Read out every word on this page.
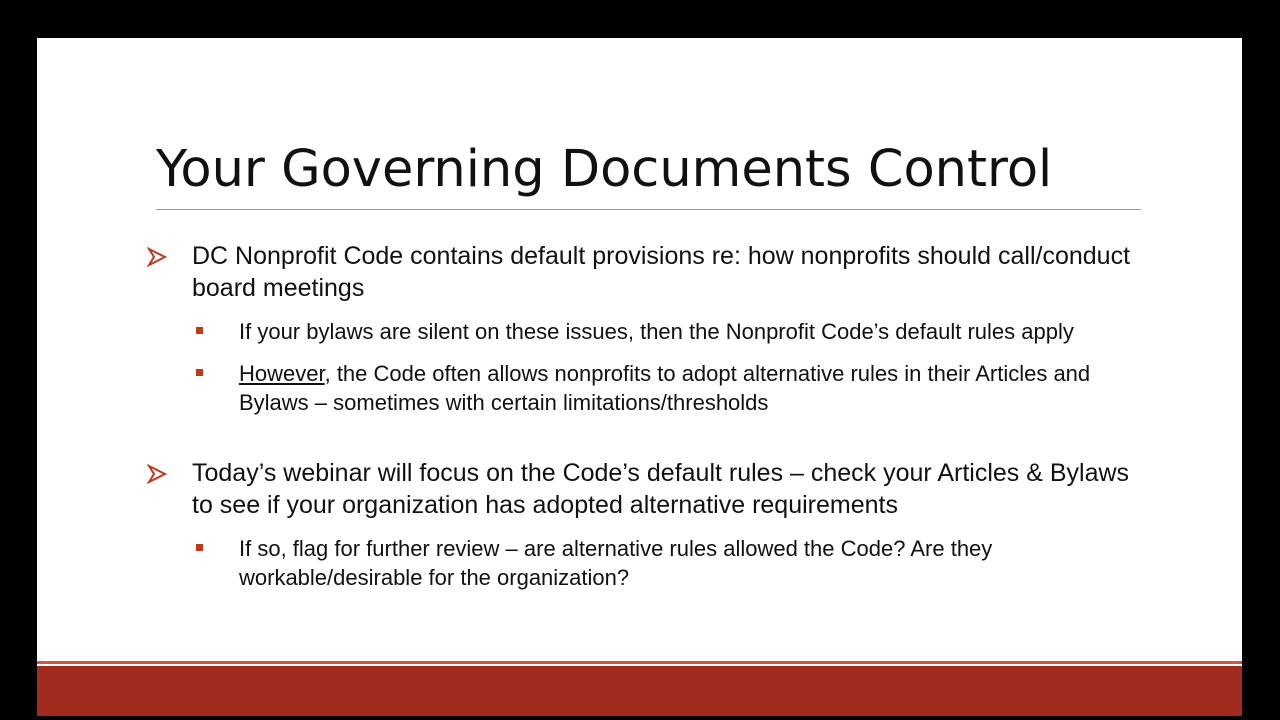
Your Governing Documents Control
DC Nonprofit Code contains default provisions re: how nonprofits should call/conduct board meetings
If your bylaws are silent on these issues, then the Nonprofit Code’s default rules apply
However, the Code often allows nonprofits to adopt alternative rules in their Articles and Bylaws – sometimes with certain limitations/thresholds
Today’s webinar will focus on the Code’s default rules – check your Articles & Bylaws to see if your organization has adopted alternative requirements
If so, flag for further review – are alternative rules allowed the Code? Are they workable/desirable for the organization?
